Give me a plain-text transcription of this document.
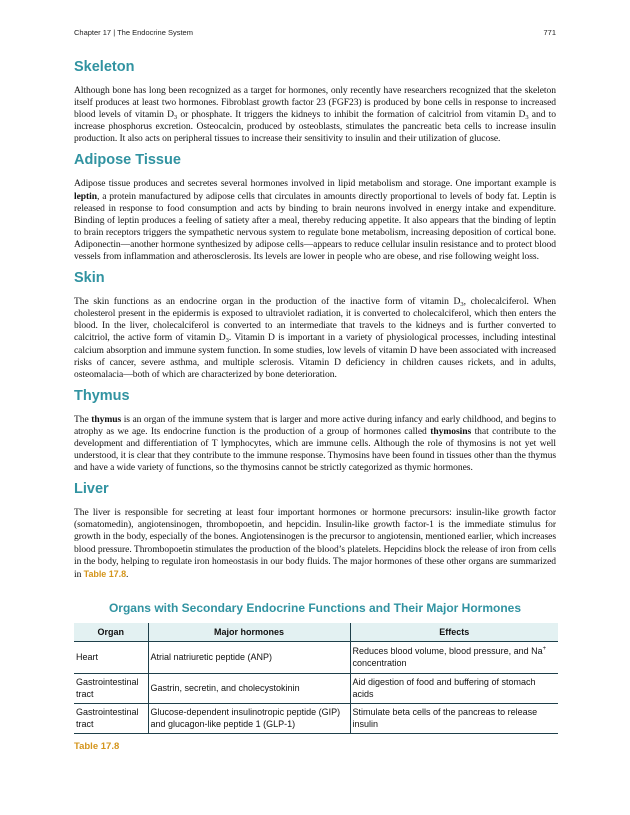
Chapter 17 | The Endocrine System	771
Skeleton

Although bone has long been recognized as a target for hormones, only recently have researchers recognized that the skeleton itself produces at least two hormones. Fibroblast growth factor 23 (FGF23) is produced by bone cells in response to increased blood levels of vitamin $D_3$ or phosphate. It triggers the kidneys to inhibit the formation of calcitriol from vitamin $D_3$ and to increase phosphorus excretion. Osteocalcin, produced by osteoblasts, stimulates the pancreatic beta cells to increase insulin production. It also acts on peripheral tissues to increase their sensitivity to insulin and their utilization of glucose.

Adipose Tissue

Adipose tissue produces and secretes several hormones involved in lipid metabolism and storage. One important example is leptin, a protein manufactured by adipose cells that circulates in amounts directly proportional to levels of body fat. Leptin is released in response to food consumption and acts by binding to brain neurons involved in energy intake and expenditure. Binding of leptin produces a feeling of satiety after a meal, thereby reducing appetite. It also appears that the binding of leptin to brain receptors triggers the sympathetic nervous system to regulate bone metabolism, increasing deposition of cortical bone. Adiponectin—another hormone synthesized by adipose cells—appears to reduce cellular insulin resistance and to protect blood vessels from inflammation and atherosclerosis. Its levels are lower in people who are obese, and rise following weight loss.

Skin

The skin functions as an endocrine organ in the production of the inactive form of vitamin $D_3$, cholecalciferol. When cholesterol present in the epidermis is exposed to ultraviolet radiation, it is converted to cholecalciferol, which then enters the blood. In the liver, cholecalciferol is converted to an intermediate that travels to the kidneys and is further converted to calcitriol, the active form of vitamin $D_3$. Vitamin D is important in a variety of physiological processes, including intestinal calcium absorption and immune system function. In some studies, low levels of vitamin D have been associated with increased risks of cancer, severe asthma, and multiple sclerosis. Vitamin D deficiency in children causes rickets, and in adults, osteomalacia—both of which are characterized by bone deterioration.

Thymus

The thymus is an organ of the immune system that is larger and more active during infancy and early childhood, and begins to atrophy as we age. Its endocrine function is the production of a group of hormones called thymosins that contribute to the development and differentiation of T lymphocytes, which are immune cells. Although the role of thymosins is not yet well understood, it is clear that they contribute to the immune response. Thymosins have been found in tissues other than the thymus and have a wide variety of functions, so the thymosins cannot be strictly categorized as thymic hormones.

Liver

The liver is responsible for secreting at least four important hormones or hormone precursors: insulin-like growth factor (somatomedin), angiotensinogen, thrombopoetin, and hepcidin. Insulin-like growth factor-1 is the immediate stimulus for growth in the body, especially of the bones. Angiotensinogen is the precursor to angiotensin, mentioned earlier, which increases blood pressure. Thrombopoetin stimulates the production of the blood’s platelets. Hepcidins block the release of iron from cells in the body, helping to regulate iron homeostasis in our body fluids. The major hormones of these other organs are summarized in Table 17.8.

Organs with Secondary Endocrine Functions and Their Major Hormones
Organ	Major hormones	Effects
Heart	Atrial natriuretic peptide (ANP)	Reduces blood volume, blood pressure, and Na+ concentration
Gastrointestinal tract	Gastrin, secretin, and cholecystokinin	Aid digestion of food and buffering of stomach acids
Gastrointestinal tract	Glucose-dependent insulinotropic peptide (GIP) and glucagon-like peptide 1 (GLP-1)	Stimulate beta cells of the pancreas to release insulin
Table 17.8
